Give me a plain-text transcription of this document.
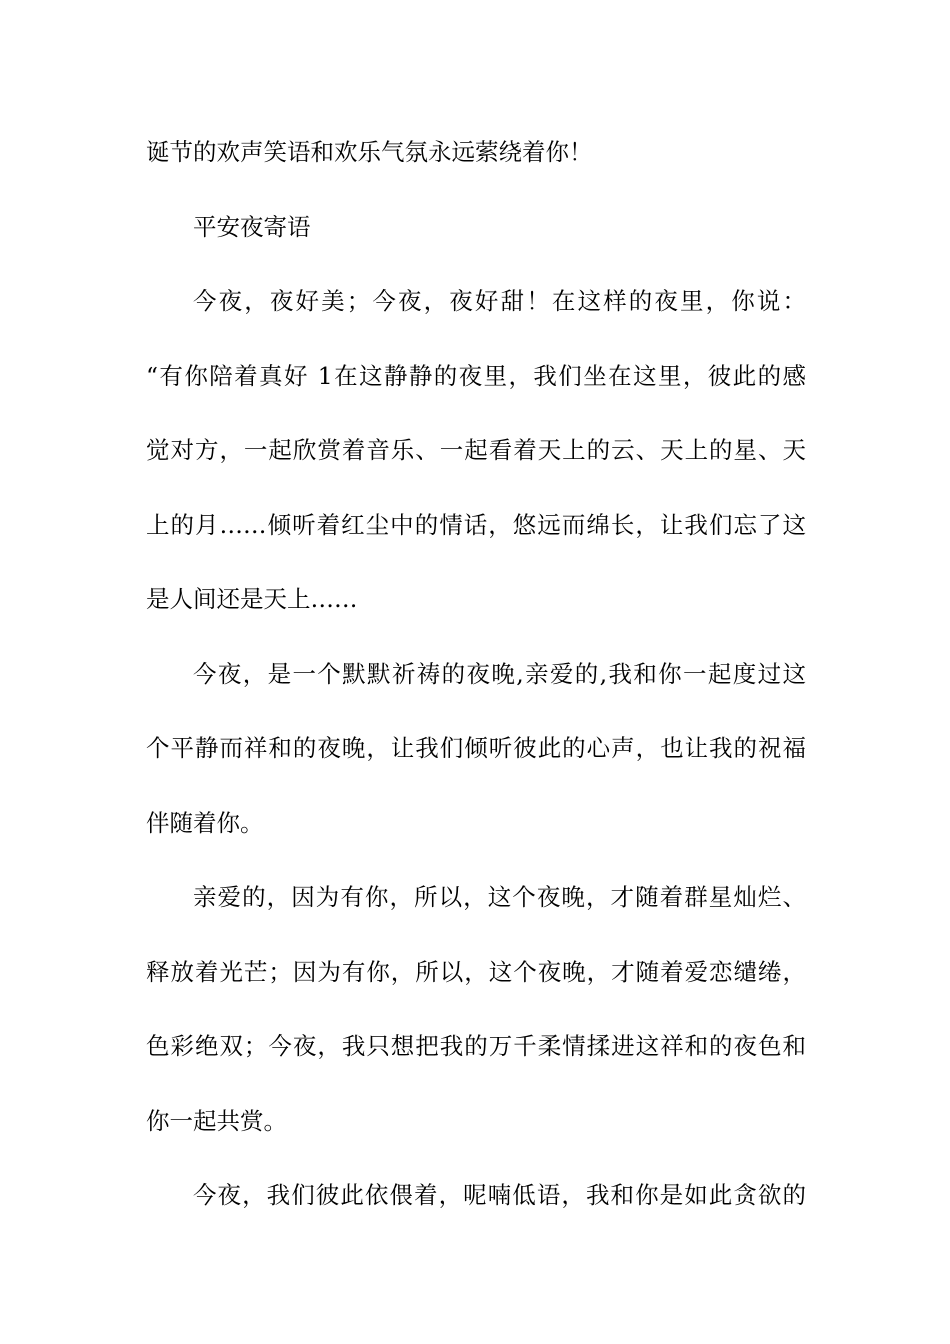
诞节的欢声笑语和欢乐气氛永远萦绕着你！
平安夜寄语
今夜，夜好美；今夜，夜好甜！在这样的夜里，你说：
“有你陪着真好 1在这静静的夜里，我们坐在这里，彼此的感
觉对方，一起欣赏着音乐、一起看着天上的云、天上的星、天
上的月……倾听着红尘中的情话，悠远而绵长，让我们忘了这
是人间还是天上……
今夜，是一个默默祈祷的夜晚,亲爱的,我和你一起度过这
个平静而祥和的夜晚，让我们倾听彼此的心声，也让我的祝福
伴随着你。
亲爱的，因为有你，所以，这个夜晚，才随着群星灿烂、
释放着光芒；因为有你，所以，这个夜晚，才随着爱恋缱绻，
色彩绝双；今夜，我只想把我的万千柔情揉进这祥和的夜色和
你一起共赏。
今夜，我们彼此依偎着，呢喃低语，我和你是如此贪欲的
